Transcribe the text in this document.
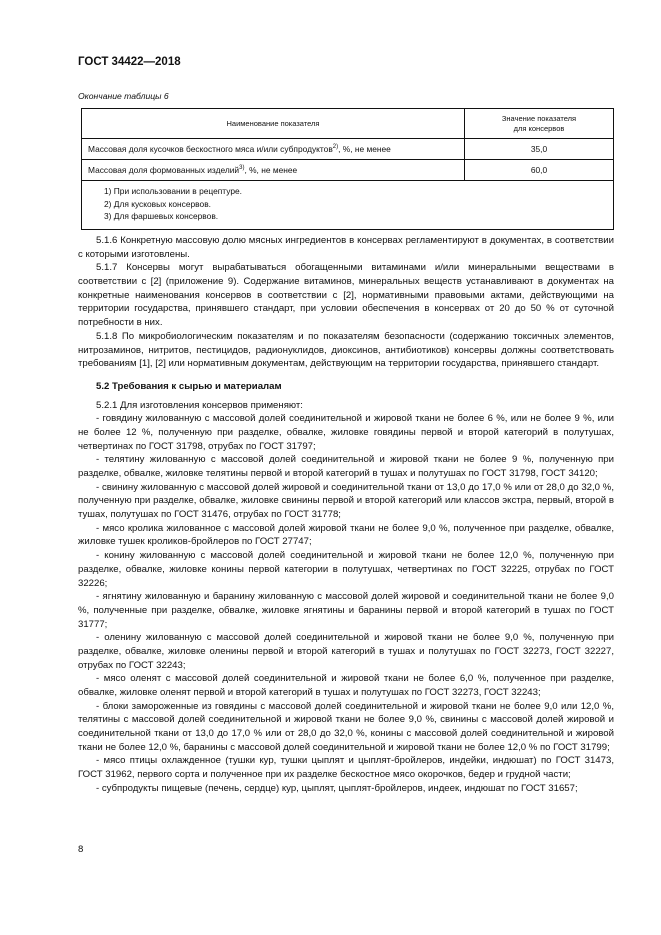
ГОСТ 34422—2018
Окончание таблицы 6
Наименование показателя	Значение показателя
для консервов

Массовая доля кусочков бескостного мяса и/или субпродуктов$^{2)}$, %, не менее	35,0
Массовая доля формованных изделий$^{3)}$, %, не менее	60,0

1) При использовании в рецептуре.
2) Для кусковых консервов.
3) Для фаршевых консервов.	

5.1.6 Конкретную массовую долю мясных ингредиентов в консервах регламентируют в документах, в соответствии с которыми изготовлены.

5.1.7 Консервы могут вырабатываться обогащенными витаминами и/или минеральными веществами в соответствии с [2] (приложение 9). Содержание витаминов, минеральных веществ устанавливают в документах на конкретные наименования консервов в соответствии с [2], нормативными правовыми актами, действующими на территории государства, принявшего стандарт, при условии обеспечения в консервах от 20 до 50 % от суточной потребности в них.

5.1.8 По микробиологическим показателям и по показателям безопасности (содержанию токсичных элементов, нитрозаминов, нитритов, пестицидов, радионуклидов, диоксинов, антибиотиков) консервы должны соответствовать требованиям [1], [2] или нормативным документам, действующим на территории государства, принявшего стандарт.

5.2 Требования к сырью и материалам

5.2.1 Для изготовления консервов применяют:

- говядину жилованную с массовой долей соединительной и жировой ткани не более 6 %, или не более 9 %, или не более 12 %, полученную при разделке, обвалке, жиловке говядины первой и второй категорий в полутушах, четвертинах по ГОСТ 31798, отрубах по ГОСТ 31797;

- телятину жилованную с массовой долей соединительной и жировой ткани не более 9 %, полученную при разделке, обвалке, жиловке телятины первой и второй категорий в тушах и полутушах по ГОСТ 31798, ГОСТ 34120;

- свинину жилованную с массовой долей жировой и соединительной ткани от 13,0 до 17,0 % или от 28,0 до 32,0 %, полученную при разделке, обвалке, жиловке свинины первой и второй категорий или классов экстра, первый, второй в тушах, полутушах по ГОСТ 31476, отрубах по ГОСТ 31778;

- мясо кролика жилованное с массовой долей жировой ткани не более 9,0 %, полученное при разделке, обвалке, жиловке тушек кроликов-бройлеров по ГОСТ 27747;

- конину жилованную с массовой долей соединительной и жировой ткани не более 12,0 %, полученную при разделке, обвалке, жиловке конины первой категории в полутушах, четвертинах по ГОСТ 32225, отрубах по ГОСТ 32226;

- ягнятину жилованную и баранину жилованную с массовой долей жировой и соединительной ткани не более 9,0 %, полученные при разделке, обвалке, жиловке ягнятины и баранины первой и второй категорий в тушах по ГОСТ 31777;

- оленину жилованную с массовой долей соединительной и жировой ткани не более 9,0 %, полученную при разделке, обвалке, жиловке оленины первой и второй категорий в тушах и полутушах по ГОСТ 32273, ГОСТ 32227, отрубах по ГОСТ 32243;

- мясо оленят с массовой долей соединительной и жировой ткани не более 6,0 %, полученное при разделке, обвалке, жиловке оленят первой и второй категорий в тушах и полутушах по ГОСТ 32273, ГОСТ 32243;

- блоки замороженные из говядины с массовой долей соединительной и жировой ткани не более 9,0 или 12,0 %, телятины с массовой долей соединительной и жировой ткани не более 9,0 %, свинины с массовой долей жировой и соединительной ткани от 13,0 до 17,0 % или от 28,0 до 32,0 %, конины с массовой долей соединительной и жировой ткани не более 12,0 %, баранины с массовой долей соединительной и жировой ткани не более 12,0 % по ГОСТ 31799;

- мясо птицы охлажденное (тушки кур, тушки цыплят и цыплят-бройлеров, индейки, индюшат) по ГОСТ 31473, ГОСТ 31962, первого сорта и полученное при их разделке бескостное мясо окорочков, бедер и грудной части;

- субпродукты пищевые (печень, сердце) кур, цыплят, цыплят-бройлеров, индеек, индюшат по ГОСТ 31657;

8
